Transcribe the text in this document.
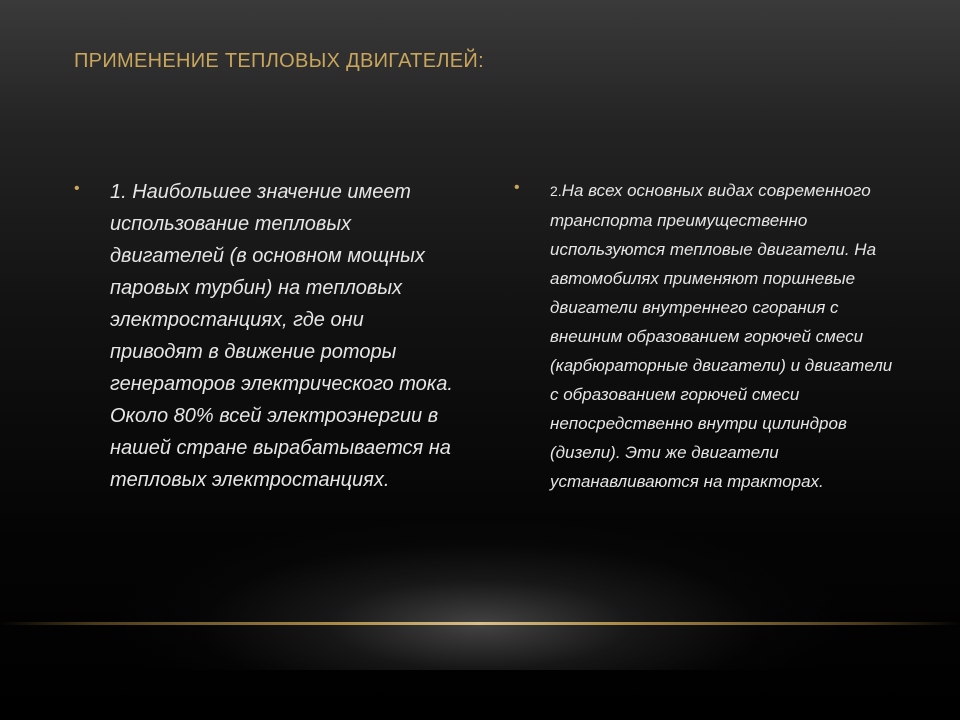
ПРИМЕНЕНИЕ ТЕПЛОВЫХ ДВИГАТЕЛЕЙ:
• 1. Наибольшее значение имеет использование тепловых двигателей (в основном мощных паровых турбин) на тепловых электростанциях, где они приводят в движение роторы генераторов электрического тока. Около 80% всей электроэнергии в нашей стране вырабатывается на тепловых электростанциях.
• 2.На всех основных видах современного транспорта преимущественно используются тепловые двигатели. На автомобилях применяют поршневые двигатели внутреннего сгорания с внешним образованием горючей смеси (карбюраторные двигатели) и двигатели с образованием горючей смеси непосредственно внутри цилиндров (дизели). Эти же двигатели устанавливаются на тракторах.
